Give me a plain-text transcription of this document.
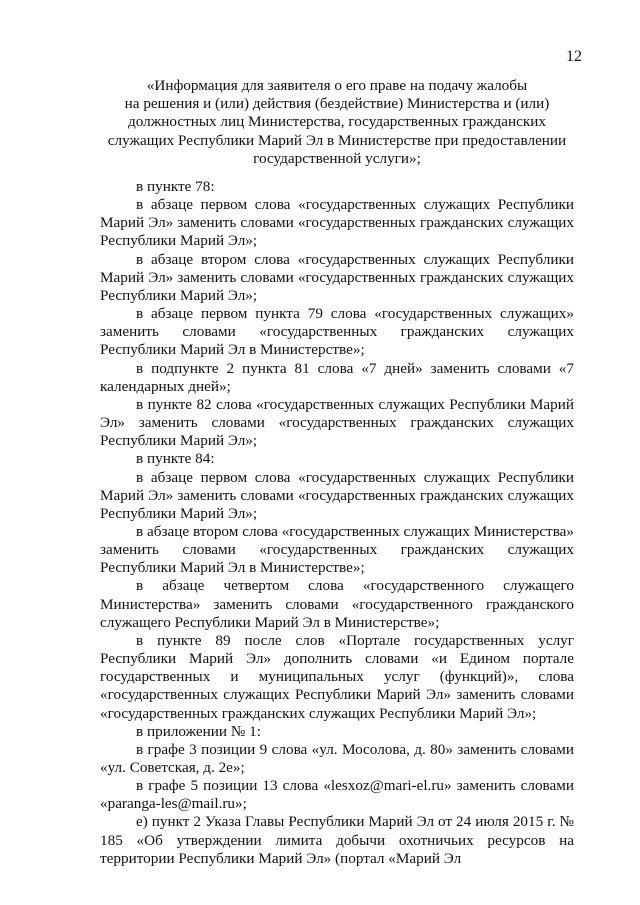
12
«Информация для заявителя о его праве на подачу жалобы
на решения и (или) действия (бездействие) Министерства и (или)
должностных лиц Министерства, государственных гражданских
служащих Республики Марий Эл в Министерстве при предоставлении
государственной услуги»;

в пункте 78:

в абзаце первом слова «государственных служащих Республики Марий Эл» заменить словами «государственных гражданских служащих Республики Марий Эл»;

в абзаце втором слова «государственных служащих Республики Марий Эл» заменить словами «государственных гражданских служащих Республики Марий Эл»;

в абзаце первом пункта 79 слова «государственных служащих» заменить словами «государственных гражданских служащих Республики Марий Эл в Министерстве»;

в подпункте 2 пункта 81 слова «7 дней» заменить словами «7 календарных дней»;

в пункте 82 слова «государственных служащих Республики Марий Эл» заменить словами «государственных гражданских служащих Республики Марий Эл»;

в пункте 84:

в абзаце первом слова «государственных служащих Республики Марий Эл» заменить словами «государственных гражданских служащих Республики Марий Эл»;

в абзаце втором слова «государственных служащих Министерства» заменить словами «государственных гражданских служащих Республики Марий Эл в Министерстве»;

в абзаце четвертом слова «государственного служащего Министерства» заменить словами «государственного гражданского служащего Республики Марий Эл в Министерстве»;

в пункте 89 после слов «Портале государственных услуг Республики Марий Эл» дополнить словами «и Едином портале государственных и муниципальных услуг (функций)», слова «государственных служащих Республики Марий Эл» заменить словами «государственных гражданских служащих Республики Марий Эл»;

в приложении № 1:

в графе 3 позиции 9 слова «ул. Мосолова, д. 80» заменить словами «ул. Советская, д. 2е»;

в графе 5 позиции 13 слова «lesxoz@mari-el.ru» заменить словами «paranga-les@mail.ru»;

е) пункт 2 Указа Главы Республики Марий Эл от 24 июля 2015 г. № 185 «Об утверждении лимита добычи охотничьих ресурсов на территории Республики Марий Эл» (портал «Марий Эл
